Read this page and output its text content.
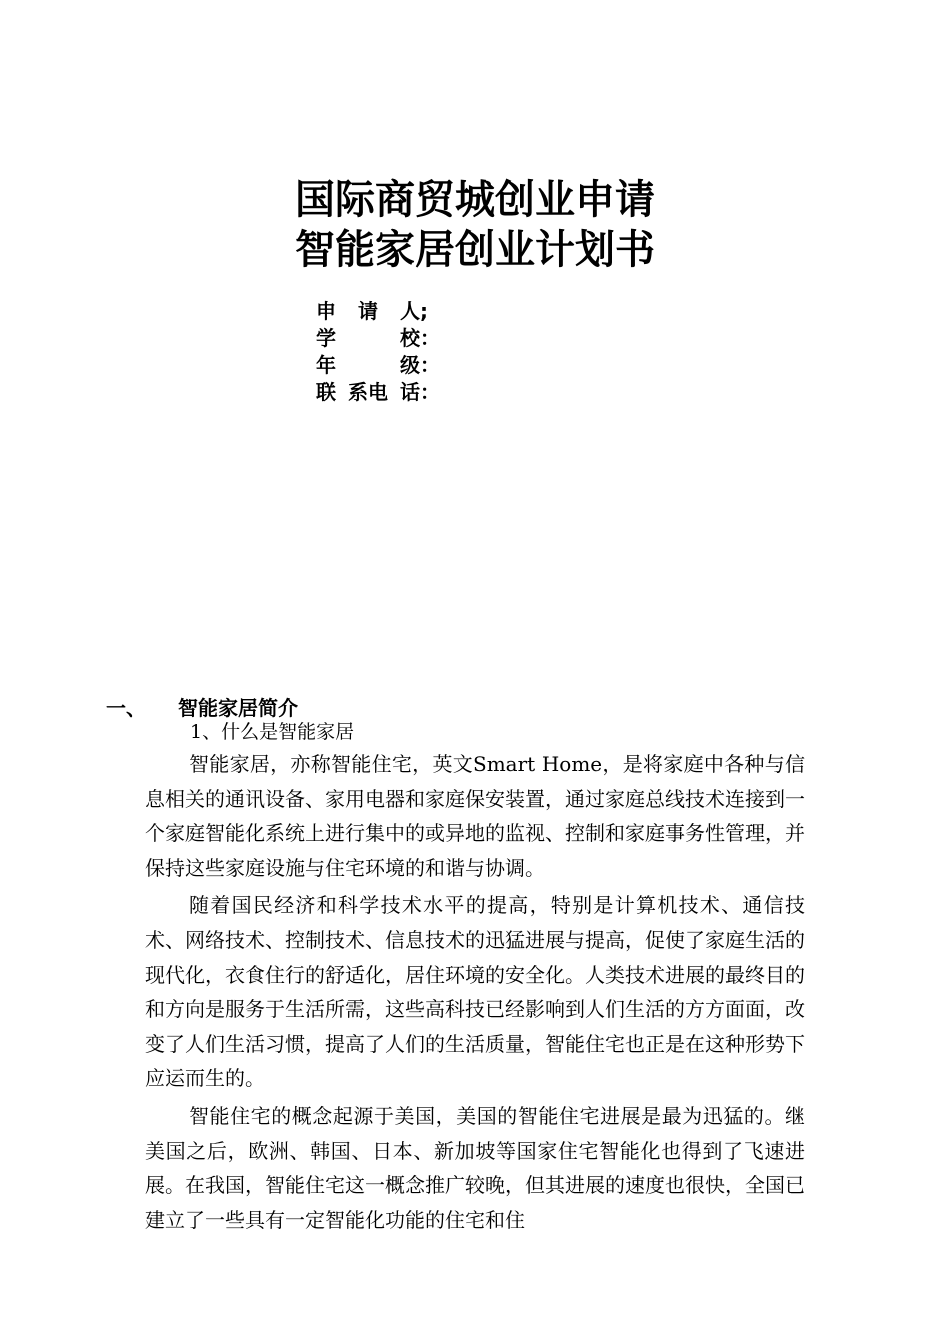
国际商贸城创业申请
智能家居创业计划书
申 请 人 ;
学	校 ：
年	级 ：
联 系电 话 ：
一、	智能家居简介
1、什么是智能家居

智能家居，亦称智能住宅，英文Smart Home，是将家庭中各种与信息相关的通讯设备、家用电器和家庭保安装置，通过家庭总线技术连接到一个家庭智能化系统上进行集中的或异地的监视、控制和家庭事务性管理，并保持这些家庭设施与住宅环境的和谐与协调。

随着国民经济和科学技术水平的提高，特别是计算机技术、通信技术、网络技术、控制技术、信息技术的迅猛进展与提高，促使了家庭生活的现代化，衣食住行的舒适化，居住环境的安全化。人类技术进展的最终目的和方向是服务于生活所需，这些高科技已经影响到人们生活的方方面面，改变了人们生活习惯，提高了人们的生活质量，智能住宅也正是在这种形势下应运而生的。

智能住宅的概念起源于美国，美国的智能住宅进展是最为迅猛的。继美国之后，欧洲、韩国、日本、新加坡等国家住宅智能化也得到了飞速进展。在我国，智能住宅这一概念推广较晚，但其进展的速度也很快，全国已建立了一些具有一定智能化功能的住宅和住
